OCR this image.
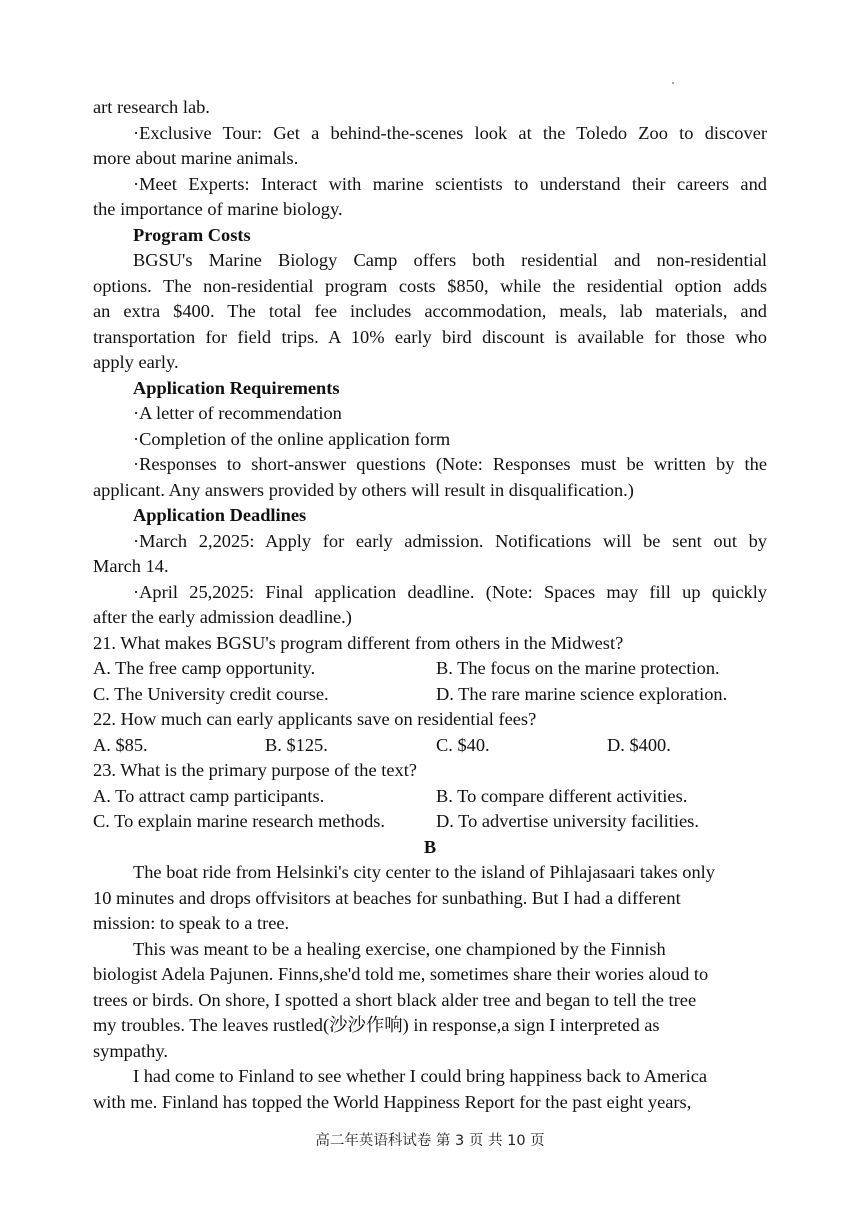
art research lab.
·Exclusive Tour: Get a behind-the-scenes look at the Toledo Zoo to discover
more about marine animals.
·Meet Experts: Interact with marine scientists to understand their careers and
the importance of marine biology.
Program Costs
BGSU's Marine Biology Camp offers both residential and non-residential
options. The non-residential program costs $850, while the residential option adds
an extra $400. The total fee includes accommodation, meals, lab materials, and
transportation for field trips. A 10% early bird discount is available for those who
apply early.
Application Requirements
·A letter of recommendation
·Completion of the online application form
·Responses to short-answer questions (Note: Responses must be written by the
applicant. Any answers provided by others will result in disqualification.)
Application Deadlines
·March 2,2025: Apply for early admission. Notifications will be sent out by
March 14.
·April 25,2025: Final application deadline. (Note: Spaces may fill up quickly
after the early admission deadline.)
21. What makes BGSU's program different from others in the Midwest?
A. The free camp opportunity.	B. The focus on the marine protection.
C. The University credit course.	D. The rare marine science exploration.
22. How much can early applicants save on residential fees?
A. $85.	B. $125.	C. $40.	D. $400.
23. What is the primary purpose of the text?
A. To attract camp participants.	B. To compare different activities.
C. To explain marine research methods.	D. To advertise university facilities.
B
The boat ride from Helsinki's city center to the island of Pihlajasaari takes only
10 minutes and drops offvisitors at beaches for sunbathing. But I had a different
mission: to speak to a tree.
This was meant to be a healing exercise, one championed by the Finnish
biologist Adela Pajunen. Finns,she'd told me, sometimes share their wories aloud to
trees or birds. On shore, I spotted a short black alder tree and began to tell the tree
my troubles. The leaves rustled(沙沙作响) in response,a sign I interpreted as
sympathy.
I had come to Finland to see whether I could bring happiness back to America
with me. Finland has topped the World Happiness Report for the past eight years,
高二年英语科试卷 第 3 页 共 10 页
